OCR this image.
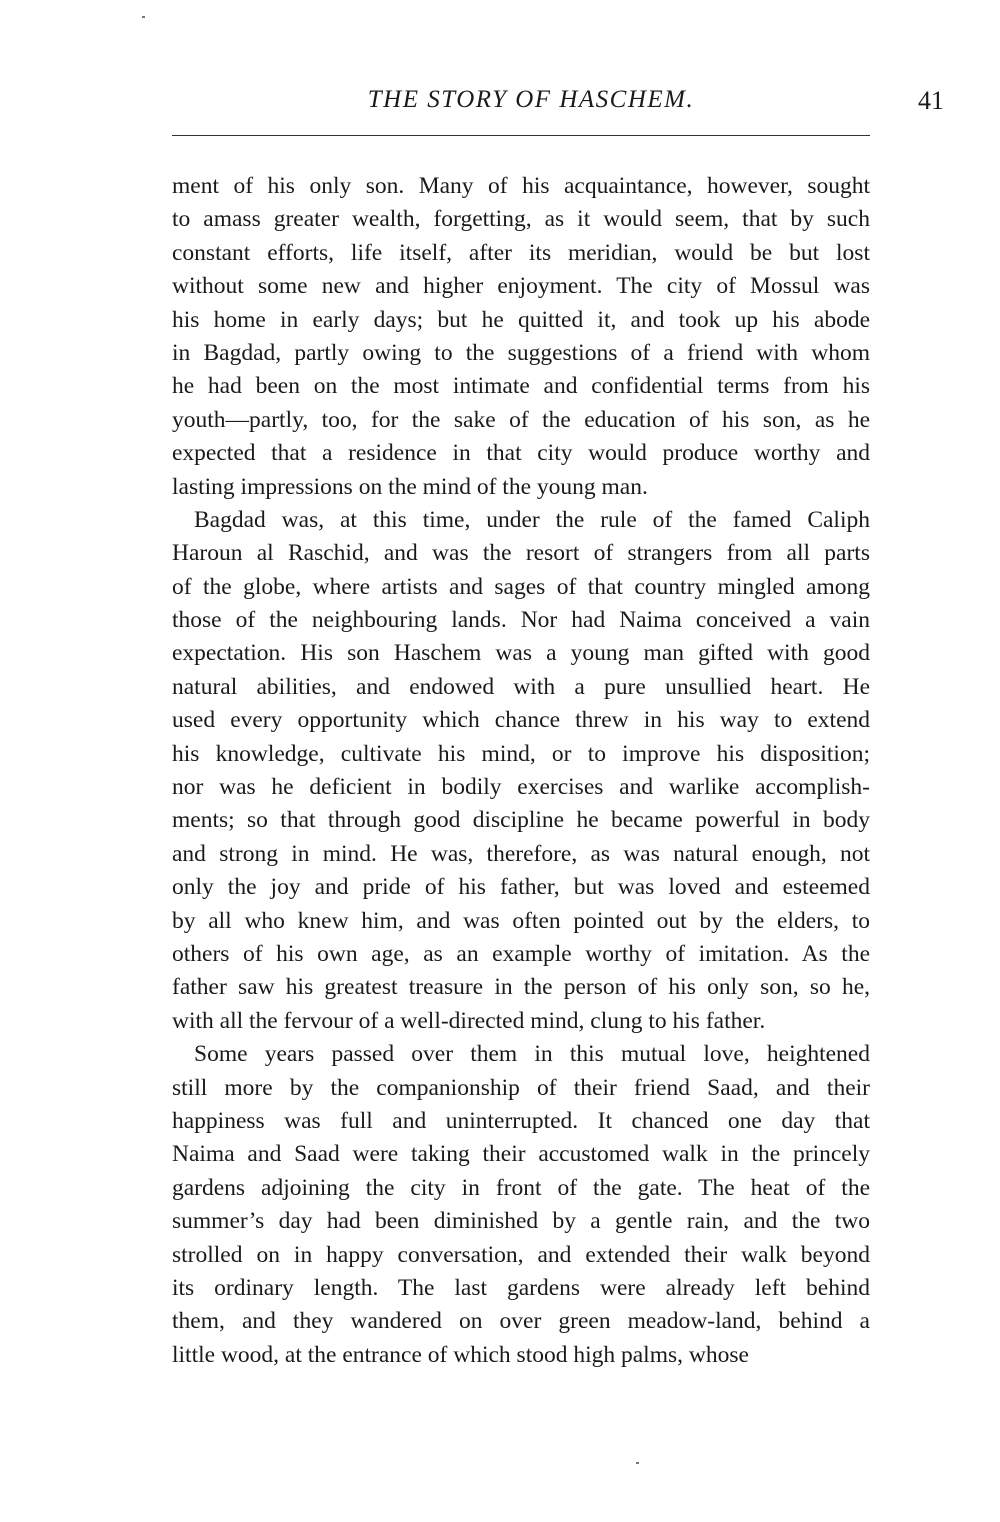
THE STORY OF HASCHEM.	41
ment of his only son. Many of his acquaintance, however, sought
to amass greater wealth, forgetting, as it would seem, that by such
constant efforts, life itself, after its meridian, would be but lost
without some new and higher enjoyment. The city of Mossul was
his home in early days; but he quitted it, and took up his abode
in Bagdad, partly owing to the suggestions of a friend with whom
he had been on the most intimate and confidential terms from his
youth—partly, too, for the sake of the education of his son, as he
expected that a residence in that city would produce worthy and
lasting impressions on the mind of the young man.
Bagdad was, at this time, under the rule of the famed Caliph
Haroun al Raschid, and was the resort of strangers from all parts
of the globe, where artists and sages of that country mingled among
those of the neighbouring lands. Nor had Naima conceived a vain
expectation. His son Haschem was a young man gifted with good
natural abilities, and endowed with a pure unsullied heart. He
used every opportunity which chance threw in his way to extend
his knowledge, cultivate his mind, or to improve his disposition;
nor was he deficient in bodily exercises and warlike accomplish-
ments; so that through good discipline he became powerful in body
and strong in mind. He was, therefore, as was natural enough, not
only the joy and pride of his father, but was loved and esteemed
by all who knew him, and was often pointed out by the elders, to
others of his own age, as an example worthy of imitation. As the
father saw his greatest treasure in the person of his only son, so he,
with all the fervour of a well-directed mind, clung to his father.
Some years passed over them in this mutual love, heightened
still more by the companionship of their friend Saad, and their
happiness was full and uninterrupted. It chanced one day that
Naima and Saad were taking their accustomed walk in the princely
gardens adjoining the city in front of the gate. The heat of the
summer’s day had been diminished by a gentle rain, and the two
strolled on in happy conversation, and extended their walk beyond
its ordinary length. The last gardens were already left behind
them, and they wandered on over green meadow-land, behind a
little wood, at the entrance of which stood high palms, whose
